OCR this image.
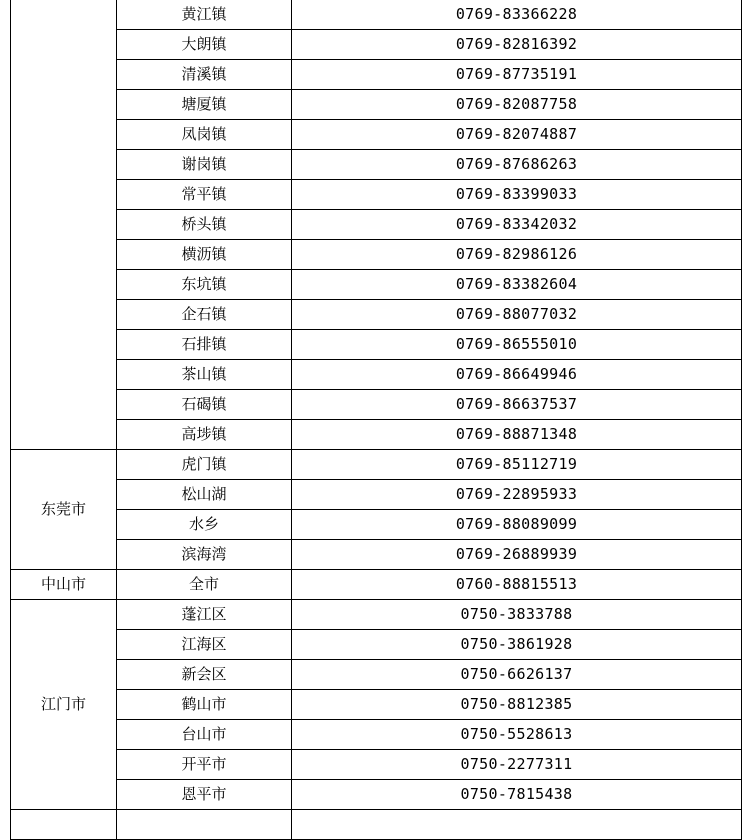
	黄江镇	0769-83366228
	大朗镇	0769-82816392
	清溪镇	0769-87735191
	塘厦镇	0769-82087758
	凤岗镇	0769-82074887
	谢岗镇	0769-87686263
	常平镇	0769-83399033
	桥头镇	0769-83342032
	横沥镇	0769-82986126
	东坑镇	0769-83382604
	企石镇	0769-88077032
	石排镇	0769-86555010
	茶山镇	0769-86649946
	石碣镇	0769-86637537
	高埗镇	0769-88871348
东莞市	虎门镇	0769-85112719
	松山湖	0769-22895933
	水乡	0769-88089099
	滨海湾	0769-26889939
中山市	全市	0760-88815513
江门市	蓬江区	0750-3833788
	江海区	0750-3861928
	新会区	0750-6626137
	鹤山市	0750-8812385
	台山市	0750-5528613
	开平市	0750-2277311
	恩平市	0750-7815438
